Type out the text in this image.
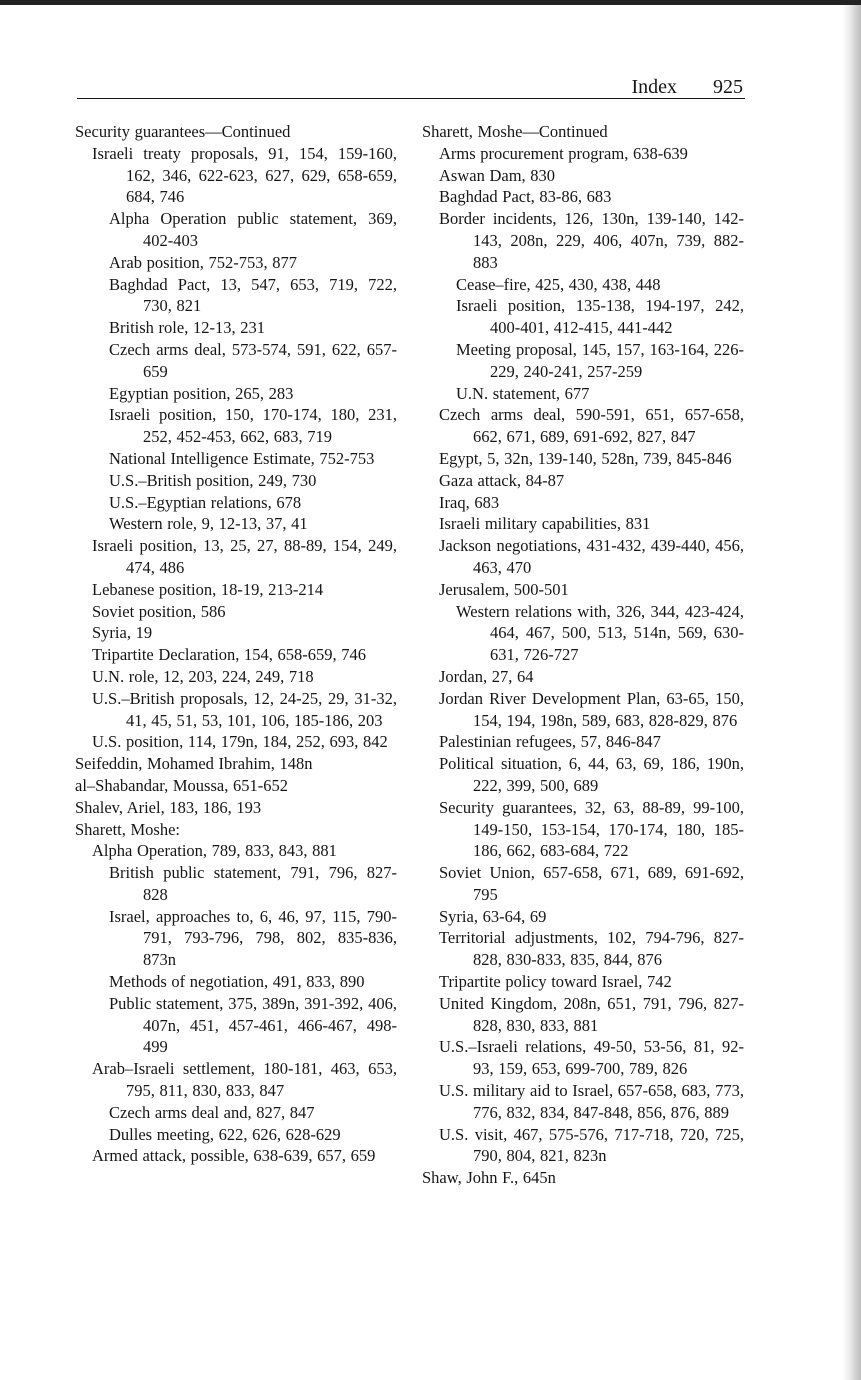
Index 925
Security guarantees—Continued
Israeli treaty proposals, 91, 154, 159-160, 162, 346, 622-623, 627, 629, 658-659, 684, 746
Alpha Operation public statement, 369, 402-403
Arab position, 752-753, 877
Baghdad Pact, 13, 547, 653, 719, 722, 730, 821
British role, 12-13, 231
Czech arms deal, 573-574, 591, 622, 657-659
Egyptian position, 265, 283
Israeli position, 150, 170-174, 180, 231, 252, 452-453, 662, 683, 719
National Intelligence Estimate, 752-753
U.S.–British position, 249, 730
U.S.–Egyptian relations, 678
Western role, 9, 12-13, 37, 41
Israeli position, 13, 25, 27, 88-89, 154, 249, 474, 486
Lebanese position, 18-19, 213-214
Soviet position, 586
Syria, 19
Tripartite Declaration, 154, 658-659, 746
U.N. role, 12, 203, 224, 249, 718
U.S.–British proposals, 12, 24-25, 29, 31-32, 41, 45, 51, 53, 101, 106, 185-186, 203
U.S. position, 114, 179n, 184, 252, 693, 842
Seifeddin, Mohamed Ibrahim, 148n
al–Shabandar, Moussa, 651-652
Shalev, Ariel, 183, 186, 193
Sharett, Moshe:
Alpha Operation, 789, 833, 843, 881
British public statement, 791, 796, 827-828
Israel, approaches to, 6, 46, 97, 115, 790-791, 793-796, 798, 802, 835-836, 873n
Methods of negotiation, 491, 833, 890
Public statement, 375, 389n, 391-392, 406, 407n, 451, 457-461, 466-467, 498-499
Arab–Israeli settlement, 180-181, 463, 653, 795, 811, 830, 833, 847
Czech arms deal and, 827, 847
Dulles meeting, 622, 626, 628-629
Armed attack, possible, 638-639, 657, 659
Sharett, Moshe—Continued
Arms procurement program, 638-639
Aswan Dam, 830
Baghdad Pact, 83-86, 683
Border incidents, 126, 130n, 139-140, 142-143, 208n, 229, 406, 407n, 739, 882-883
Cease–fire, 425, 430, 438, 448
Israeli position, 135-138, 194-197, 242, 400-401, 412-415, 441-442
Meeting proposal, 145, 157, 163-164, 226-229, 240-241, 257-259
U.N. statement, 677
Czech arms deal, 590-591, 651, 657-658, 662, 671, 689, 691-692, 827, 847
Egypt, 5, 32n, 139-140, 528n, 739, 845-846
Gaza attack, 84-87
Iraq, 683
Israeli military capabilities, 831
Jackson negotiations, 431-432, 439-440, 456, 463, 470
Jerusalem, 500-501
Western relations with, 326, 344, 423-424, 464, 467, 500, 513, 514n, 569, 630-631, 726-727
Jordan, 27, 64
Jordan River Development Plan, 63-65, 150, 154, 194, 198n, 589, 683, 828-829, 876
Palestinian refugees, 57, 846-847
Political situation, 6, 44, 63, 69, 186, 190n, 222, 399, 500, 689
Security guarantees, 32, 63, 88-89, 99-100, 149-150, 153-154, 170-174, 180, 185-186, 662, 683-684, 722
Soviet Union, 657-658, 671, 689, 691-692, 795
Syria, 63-64, 69
Territorial adjustments, 102, 794-796, 827-828, 830-833, 835, 844, 876
Tripartite policy toward Israel, 742
United Kingdom, 208n, 651, 791, 796, 827-828, 830, 833, 881
U.S.–Israeli relations, 49-50, 53-56, 81, 92-93, 159, 653, 699-700, 789, 826
U.S. military aid to Israel, 657-658, 683, 773, 776, 832, 834, 847-848, 856, 876, 889
U.S. visit, 467, 575-576, 717-718, 720, 725, 790, 804, 821, 823n
Shaw, John F., 645n
